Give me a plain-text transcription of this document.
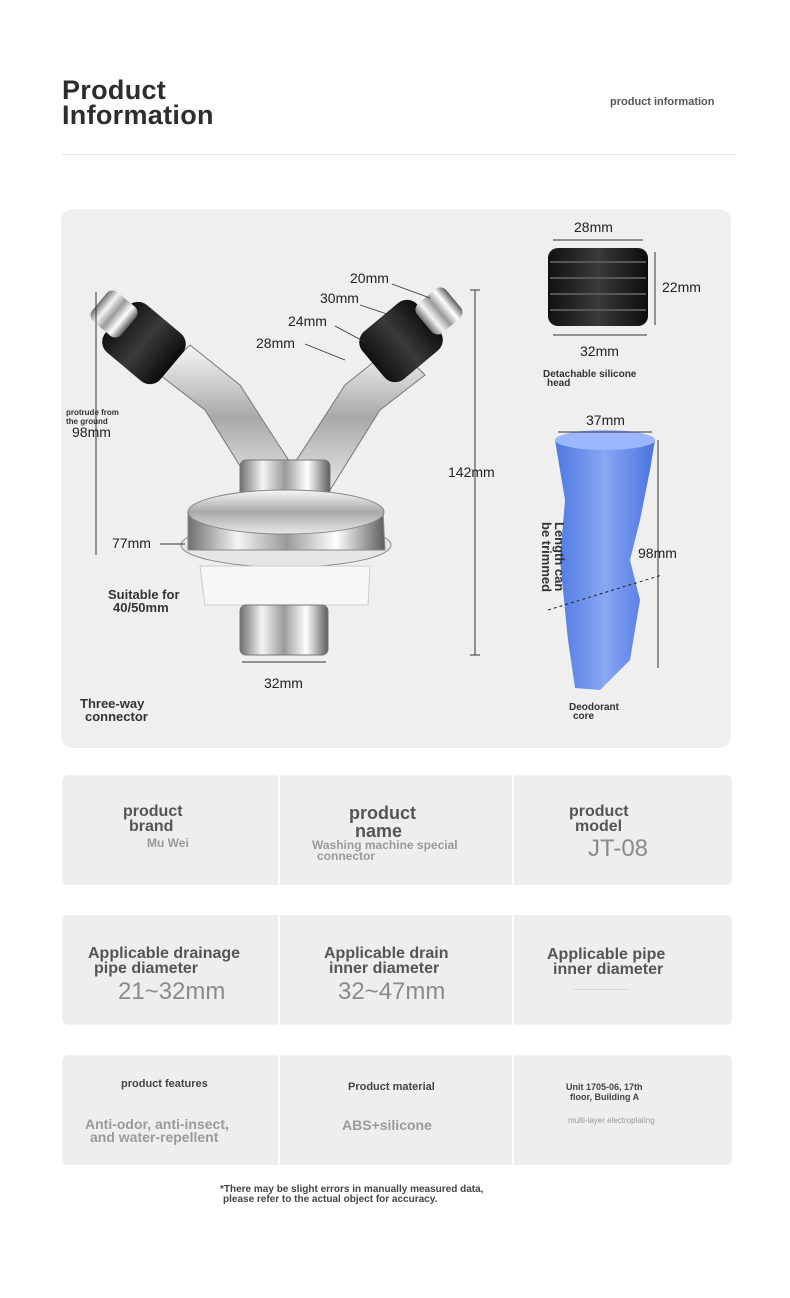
Product
Information	product information
20mm
30mm
24mm
28mm
protrude from
the ground
98mm
142mm
77mm
Suitable for
40/50mm
32mm
Three-way
connector
28mm
22mm
32mm
Detachable silicone
head
37mm
98mm
Length can
be trimmed
Deodorant
core
product
brand
Mu Wei
product
name
Washing machine special
connector
product
model
JT-08
Applicable drainage
pipe diameter
21~32mm
Applicable drain
inner diameter
32~47mm
Applicable pipe
inner diameter
product features
Anti-odor, anti-insect,
and water-repellent
Product material
ABS+silicone
Unit 1705-06, 17th
floor, Building A
multi-layer electroplating
*There may be slight errors in manually measured data,
please refer to the actual object for accuracy.
